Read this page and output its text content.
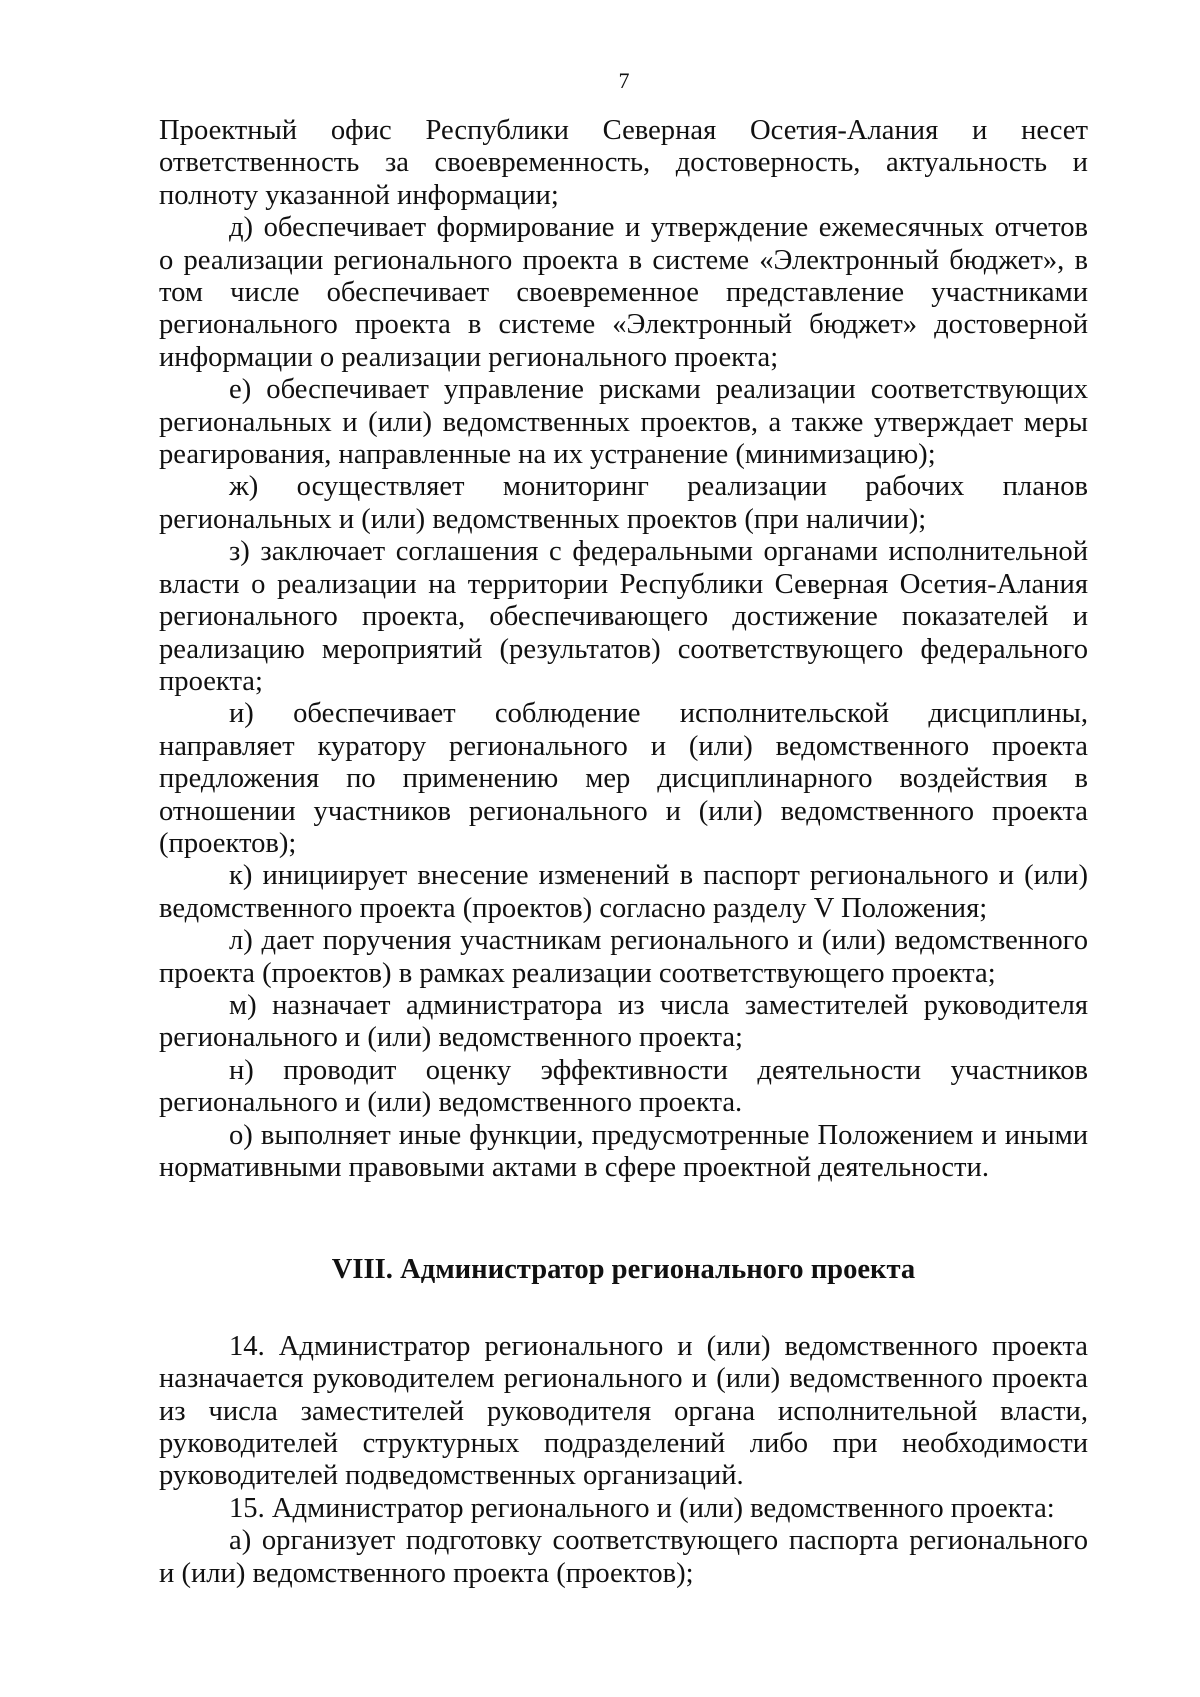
7

Проектный офис Республики Северная Осетия-Алания и несет ответственность за своевременность, достоверность, актуальность и полноту указанной информации;

д) обеспечивает формирование и утверждение ежемесячных отчетов о реализации регионального проекта в системе «Электронный бюджет», в том числе обеспечивает своевременное представление участниками регионального проекта в системе «Электронный бюджет» достоверной информации о реализации регионального проекта;

е) обеспечивает управление рисками реализации соответствующих региональных и (или) ведомственных проектов, а также утверждает меры реагирования, направленные на их устранение (минимизацию);

ж) осуществляет мониторинг реализации рабочих планов региональных и (или) ведомственных проектов (при наличии);

з) заключает соглашения с федеральными органами исполнительной власти о реализации на территории Республики Северная Осетия-Алания регионального проекта, обеспечивающего достижение показателей и реализацию мероприятий (результатов) соответствующего федерального проекта;

и) обеспечивает соблюдение исполнительской дисциплины, направляет куратору регионального и (или) ведомственного проекта предложения по применению мер дисциплинарного воздействия в отношении участников регионального и (или) ведомственного проекта (проектов);

к) инициирует внесение изменений в паспорт регионального и (или) ведомственного проекта (проектов) согласно разделу V Положения;

л) дает поручения участникам регионального и (или) ведомственного проекта (проектов) в рамках реализации соответствующего проекта;

м) назначает администратора из числа заместителей руководителя регионального и (или) ведомственного проекта;

н) проводит оценку эффективности деятельности участников регионального и (или) ведомственного проекта.

о) выполняет иные функции, предусмотренные Положением и иными нормативными правовыми актами в сфере проектной деятельности.

VIII. Администратор регионального проекта

14. Администратор регионального и (или) ведомственного проекта назначается руководителем регионального и (или) ведомственного проекта из числа заместителей руководителя органа исполнительной власти, руководителей структурных подразделений либо при необходимости руководителей подведомственных организаций.

15. Администратор регионального и (или) ведомственного проекта:

а) организует подготовку соответствующего паспорта регионального и (или) ведомственного проекта (проектов);
